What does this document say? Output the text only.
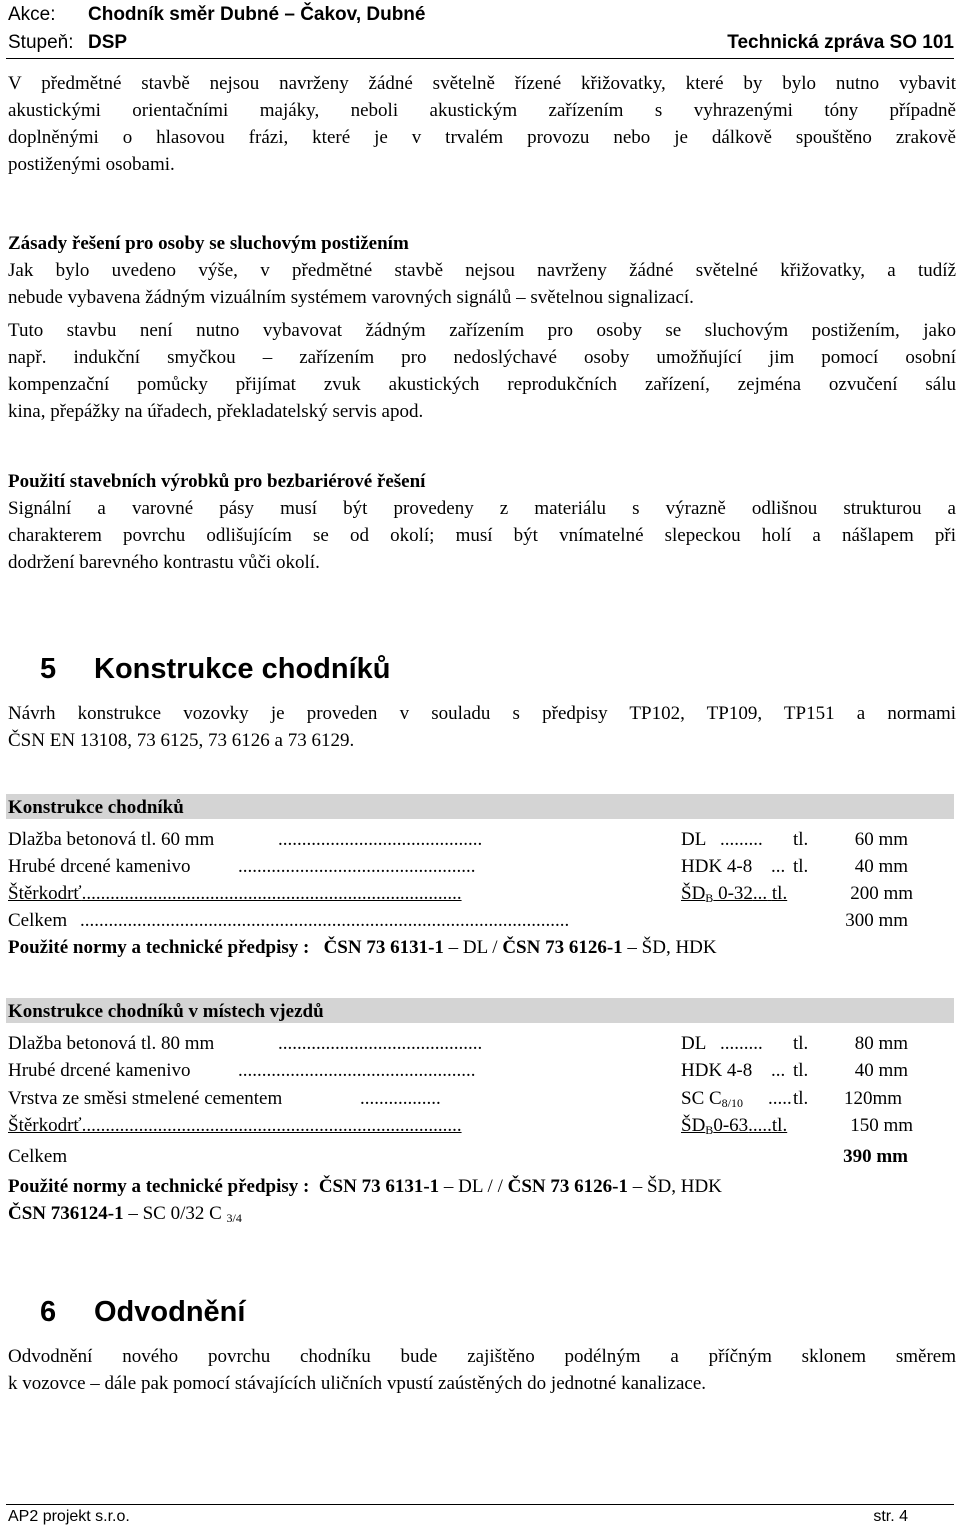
Akce: Chodník směr Dubné – Čakov, Dubné
Stupeň: DSP	Technická zpráva SO 101
V předmětné stavbě nejsou navrženy žádné světelně řízené křižovatky, které by bylo nutno vybavit
akustickými orientačními majáky, neboli akustickým zařízením s vyhrazenými tóny případně
doplněnými o hlasovou frázi, které je v trvalém provozu nebo je dálkově spouštěno zrakově
postiženými osobami.
Zásady řešení pro osoby se sluchovým postižením
Jak bylo uvedeno výše, v předmětné stavbě nejsou navrženy žádné světelné křižovatky, a tudíž
nebude vybavena žádným vizuálním systémem varovných signálů – světelnou signalizací.
Tuto stavbu není nutno vybavovat žádným zařízením pro osoby se sluchovým postižením, jako
např. indukční smyčkou – zařízením pro nedoslýchavé osoby umožňující jim pomocí osobní
kompenzační pomůcky přijímat zvuk akustických reprodukčních zařízení, zejména ozvučení sálu
kina, přepážky na úřadech, překladatelský servis apod.
Použití stavebních výrobků pro bezbariérové řešení
Signální a varovné pásy musí být provedeny z materiálu s výrazně odlišnou strukturou a
charakterem povrchu odlišujícím se od okolí; musí být vnímatelné slepeckou holí a nášlapem při
dodržení barevného kontrastu vůči okolí.
5 Konstrukce chodníků
Návrh konstrukce vozovky je proveden v souladu s předpisy TP102, TP109, TP151 a normami
ČSN EN 13108, 73 6125, 73 6126 a 73 6129.
Konstrukce chodníků
Dlažba betonová tl. 60 mm	...........................................	DL .........	tl. 60 mm
Hrubé drcené kamenivo ..................................................	HDK 4-8 ... tl. 40 mm
Štěrkodrť................................................................................	$ŠD_B$ 0-32... tl.	200 mm
Celkem .......................................................................................................	300 mm
Použité normy a technické předpisy : ČSN 73 6131-1 – DL / ČSN 73 6126-1 – ŠD, HDK
Konstrukce chodníků v místech vjezdů
Dlažba betonová tl. 80 mm	...........................................	DL .........	tl. 80 mm
Hrubé drcené kamenivo ..................................................	HDK 4-8 ... tl. 40 mm
Vrstva ze směsi stmelené cementem	.................	SC $C_{8/10}$ ..... tl. 120mm
Štěrkodrť................................................................................	$ŠD_B0-63.....tl$.	150 mm
Celkem	390 mm
Použité normy a technické předpisy : ČSN 73 6131-1 – DL / / ČSN 73 6126-1 – ŠD, HDK
ČSN 736124-1 – SC 0/32 C $_{3/4}$
6 Odvodnění
Odvodnění nového povrchu chodníku bude zajištěno podélným a příčným sklonem směrem
k vozovce – dále pak pomocí stávajících uličních vpustí zaústěných do jednotné kanalizace.
AP2 projekt s.r.o.	str. 4
